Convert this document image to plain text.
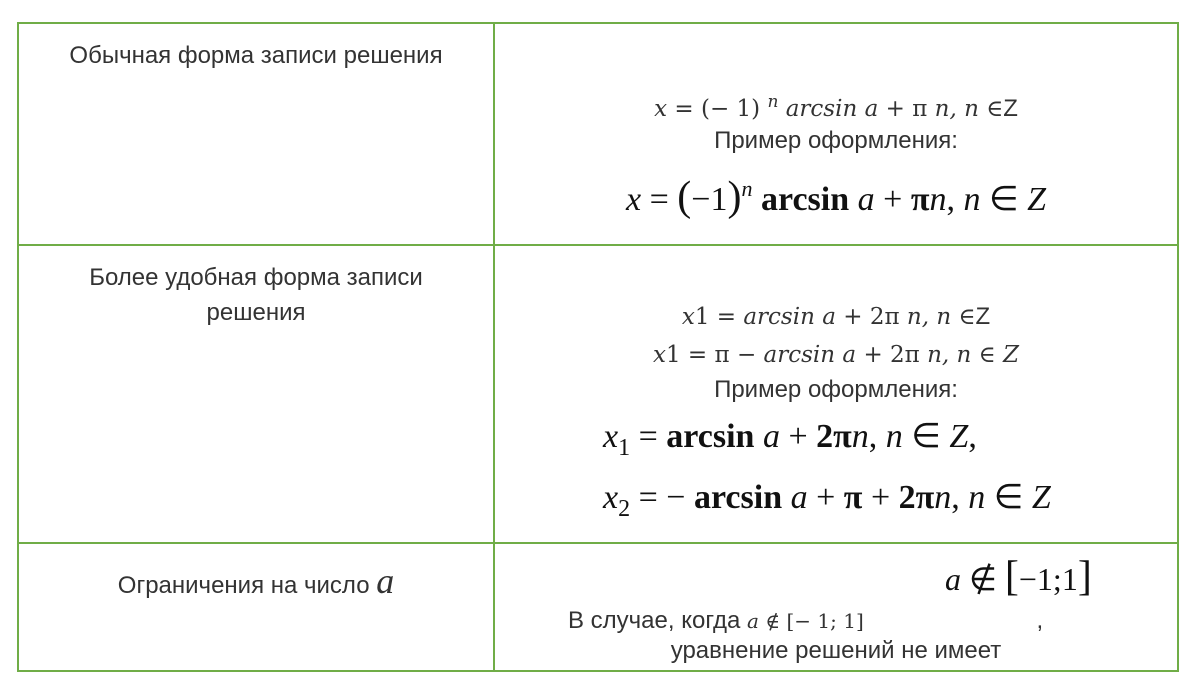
Обычная форма записи решения	x = (− 1) $^n$ arcsin a + π n, n ∈Z
Пример оформления:
$x = (-1)^n$ arcsin a + πn, n ∈ Z

Более удобная форма записи решения	x1 = arcsin a + 2π n, n ∈Z
x1 = π − arcsin a + 2π n, n ∈ Z
Пример оформления:
$x_1 = \arcsin a + 2\pi n$, n ∈ Z,
$x_2$ = − arcsin a + π + 2πn, n ∈ Z

Ограничения на число a	a ∉ [−1;1]
В случае, когда a ∉ [− 1; 1] ,
уравнение решений не имеет
